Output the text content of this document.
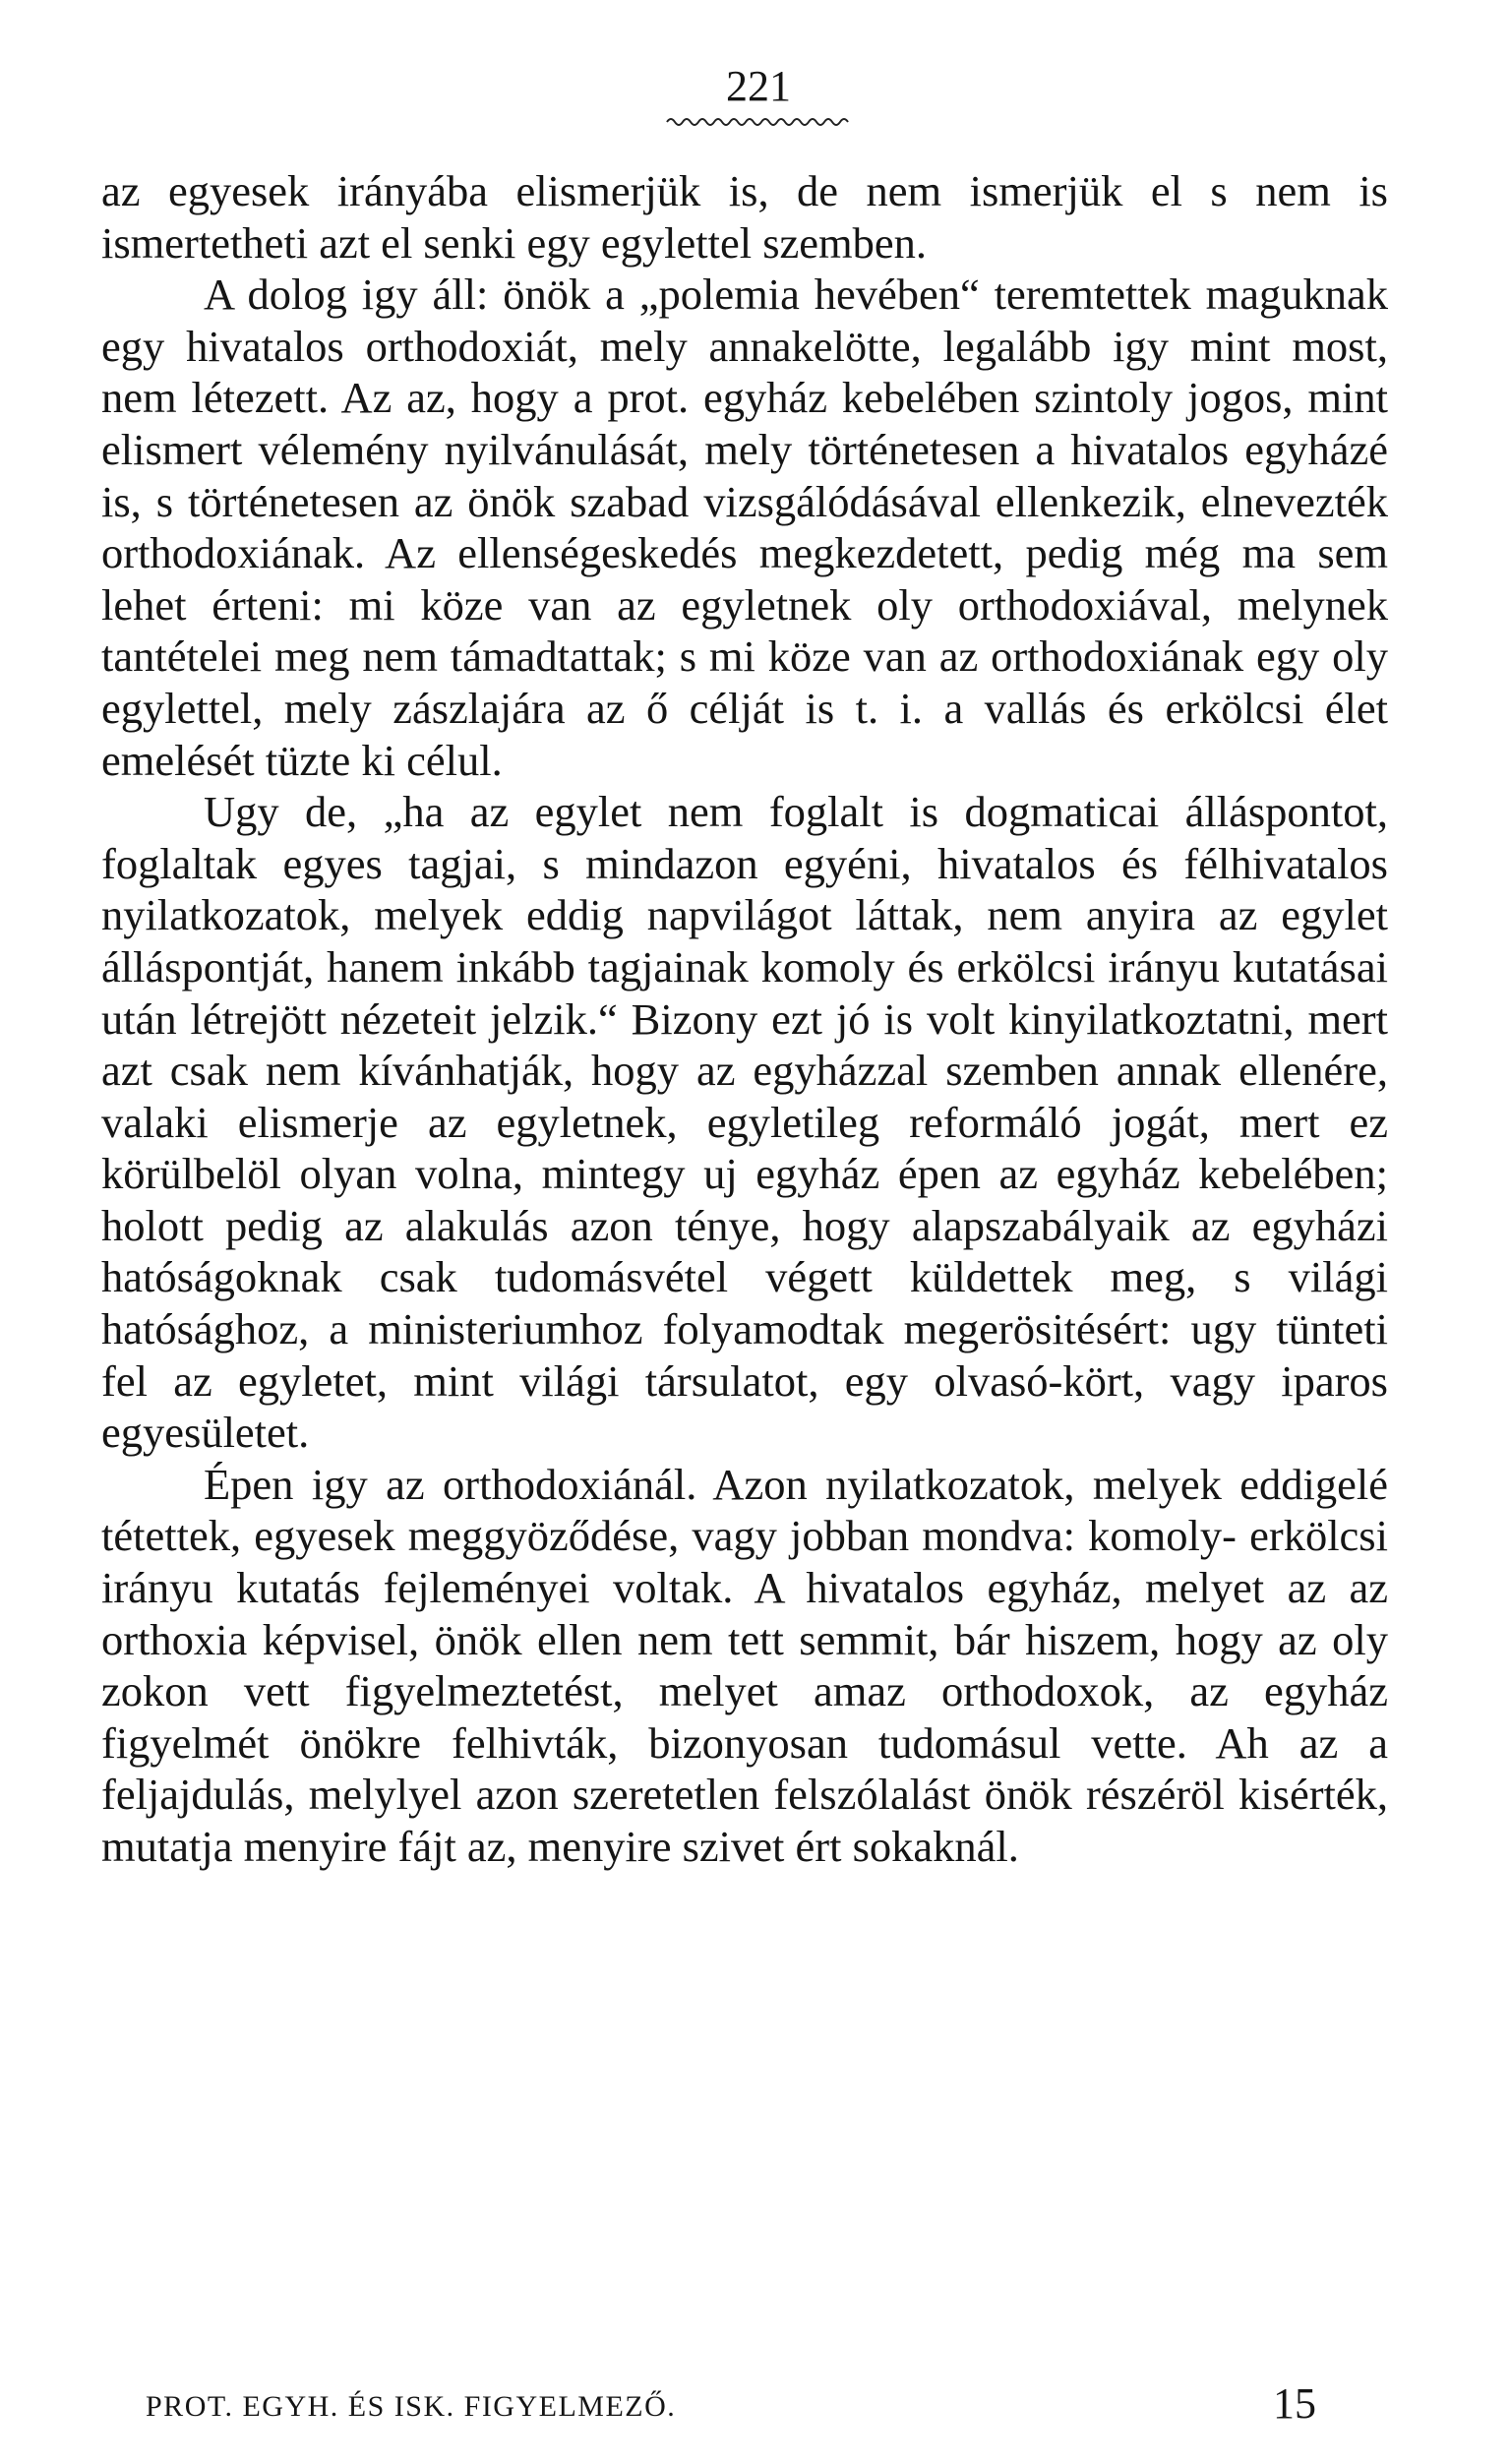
221

az egyesek irányába elismerjük is, de nem ismerjük el s nem is ismertetheti azt el senki egy egylettel szemben.

A dolog igy áll: önök a „polemia hevében“ teremtettek maguknak egy hivatalos orthodoxiát, mely annakelötte, legalább igy mint most, nem létezett. Az az, hogy a prot. egyház kebelében szintoly jogos, mint elismert vélemény nyilvánulását, mely történetesen a hivatalos egyházé is, s történetesen az önök szabad vizsgálódásával ellenkezik, elnevezték orthodoxiának. Az ellenségeskedés megkezdetett, pedig még ma sem lehet érteni: mi köze van az egyletnek oly orthodoxiával, melynek tantételei meg nem támadtattak; s mi köze van az orthodoxiának egy oly egylettel, mely zászlajára az ő célját is t. i. a vallás és erkölcsi élet emelését tüzte ki célul.

Ugy de, „ha az egylet nem foglalt is dogmaticai álláspontot, foglaltak egyes tagjai, s mindazon egyéni, hivatalos és félhivatalos nyilatkozatok, melyek eddig napvilágot láttak, nem anyira az egylet álláspontját, hanem inkább tagjainak komoly és erkölcsi irányu kutatásai után létrejött nézeteit jelzik.“ Bizony ezt jó is volt kinyilatkoztatni, mert azt csak nem kívánhatják, hogy az egyházzal szemben annak ellenére, valaki elismerje az egyletnek, egyletileg reformáló jogát, mert ez körülbelöl olyan volna, mintegy uj egyház épen az egyház kebelében; holott pedig az alakulás azon ténye, hogy alapszabályaik az egyházi hatóságoknak csak tudomásvétel végett küldettek meg, s világi hatósághoz, a ministeriumhoz folyamodtak megerösitésért: ugy tünteti fel az egyletet, mint világi társulatot, egy olvasó-kört, vagy iparos egyesületet.

Épen igy az orthodoxiánál. Azon nyilatkozatok, melyek eddigelé tétettek, egyesek meggyöződése, vagy jobban mondva: komoly- erkölcsi irányu kutatás fejleményei voltak. A hivatalos egyház, melyet az az orthoxia képvisel, önök ellen nem tett semmit, bár hiszem, hogy az oly zokon vett figyelmeztetést, melyet amaz orthodoxok, az egyház figyelmét önökre felhivták, bizonyosan tudomásul vette. Ah az a feljajdulás, melylyel azon szeretetlen felszólalást önök részéröl kisérték, mutatja menyire fájt az, menyire szivet ért sokaknál.

PROT. EGYH. ÉS ISK. FIGYELMEZŐ.	15
